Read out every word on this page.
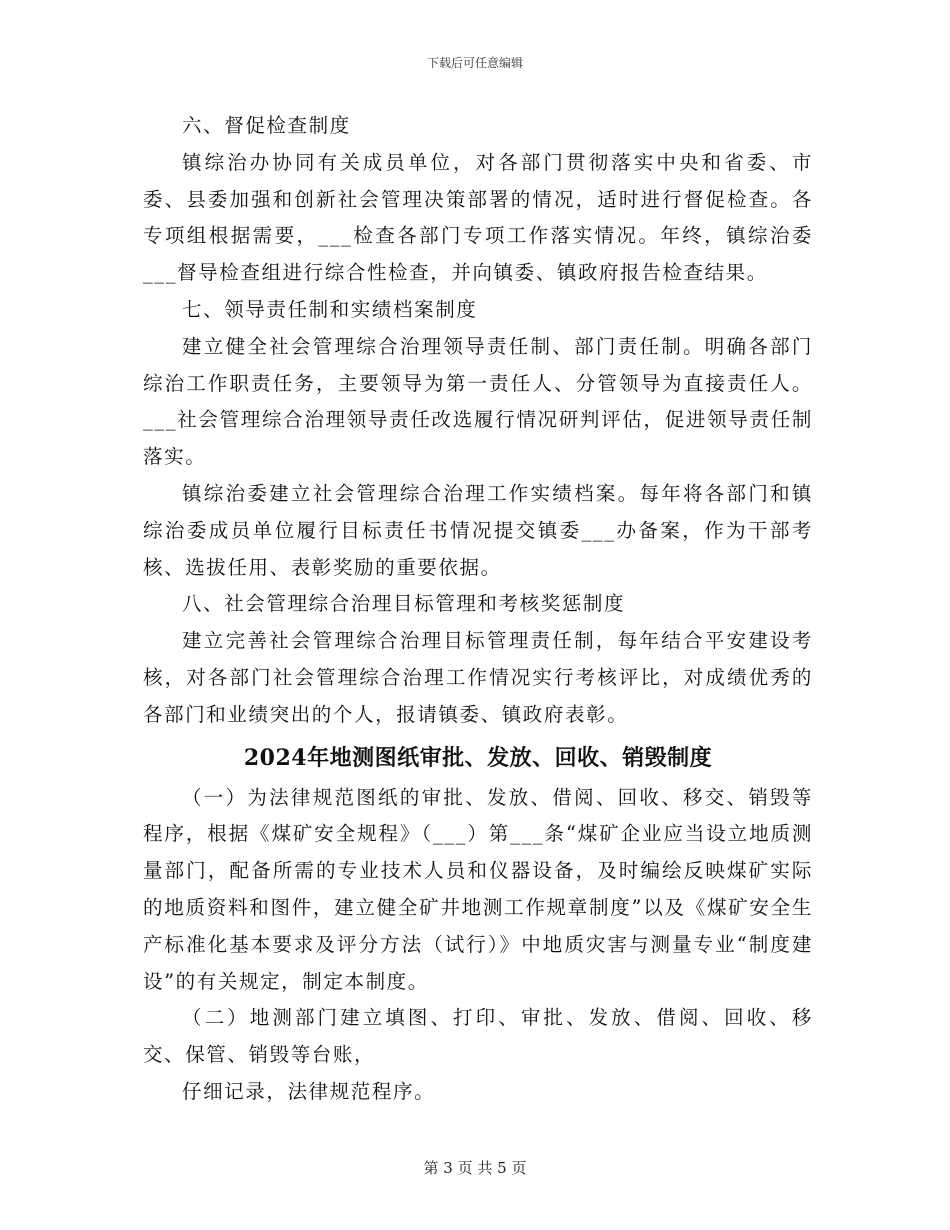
下载后可任意编辑

六、督促检查制度

镇综治办协同有关成员单位，对各部门贯彻落实中央和省委、市委、县委加强和创新社会管理决策部署的情况，适时进行督促检查。各专项组根据需要，___检查各部门专项工作落实情况。年终，镇综治委___督导检查组进行综合性检查，并向镇委、镇政府报告检查结果。

七、领导责任制和实绩档案制度

建立健全社会管理综合治理领导责任制、部门责任制。明确各部门综治工作职责任务，主要领导为第一责任人、分管领导为直接责任人。___社会管理综合治理领导责任改选履行情况研判评估，促进领导责任制落实。

镇综治委建立社会管理综合治理工作实绩档案。每年将各部门和镇综治委成员单位履行目标责任书情况提交镇委___办备案，作为干部考核、选拔任用、表彰奖励的重要依据。

八、社会管理综合治理目标管理和考核奖惩制度

建立完善社会管理综合治理目标管理责任制，每年结合平安建设考核，对各部门社会管理综合治理工作情况实行考核评比，对成绩优秀的各部门和业绩突出的个人，报请镇委、镇政府表彰。

2024年地测图纸审批、发放、回收、销毁制度

（一）为法律规范图纸的审批、发放、借阅、回收、移交、销毁等程序，根据《煤矿安全规程》（___）第___条“煤矿企业应当设立地质测量部门，配备所需的专业技术人员和仪器设备，及时编绘反映煤矿实际的地质资料和图件，建立健全矿井地测工作规章制度”以及《煤矿安全生产标准化基本要求及评分方法（试行）》中地质灾害与测量专业“制度建设”的有关规定，制定本制度。

（二）地测部门建立填图、打印、审批、发放、借阅、回收、移交、保管、销毁等台账，

仔细记录，法律规范程序。

第 3 页 共 5 页
